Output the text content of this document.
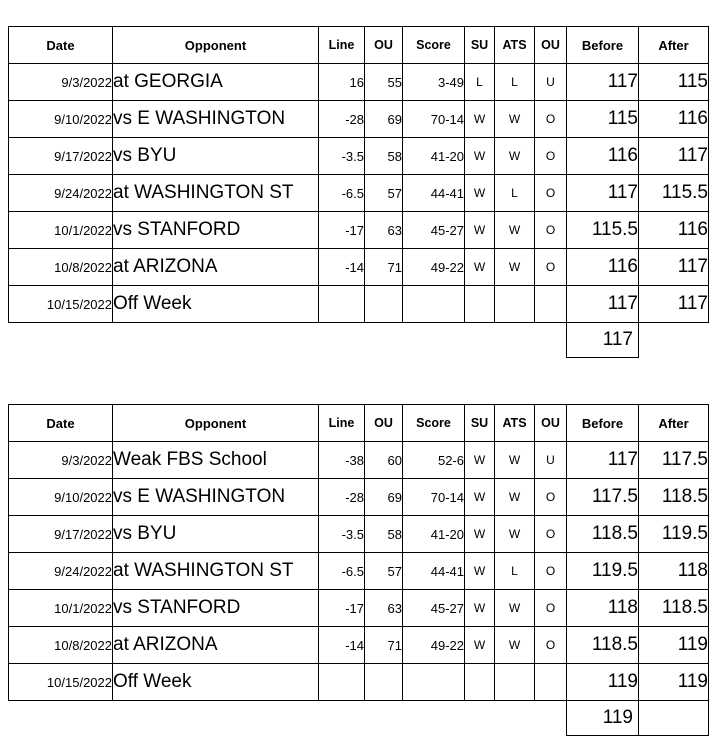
Date	Opponent	Line	OU	Score	SU	ATS	OU	Before	After
9/3/2022	at GEORGIA	16	55	3-49	L	L	U	117	115
9/10/2022	vs E WASHINGTON	-28	69	70-14	W	W	O	115	116
9/17/2022	vs BYU	-3.5	58	41-20	W	W	O	116	117
9/24/2022	at WASHINGTON ST	-6.5	57	44-41	W	L	O	117	115.5
10/1/2022	vs STANFORD	-17	63	45-27	W	W	O	115.5	116
10/8/2022	at ARIZONA	-14	71	49-22	W	W	O	116	117
10/15/2022	Off Week							117	117
								117	
Date	Opponent	Line	OU	Score	SU	ATS	OU	Before	After
9/3/2022	Weak FBS School	-38	60	52-6	W	W	U	117	117.5
9/10/2022	vs E WASHINGTON	-28	69	70-14	W	W	O	117.5	118.5
9/17/2022	vs BYU	-3.5	58	41-20	W	W	O	118.5	119.5
9/24/2022	at WASHINGTON ST	-6.5	57	44-41	W	L	O	119.5	118
10/1/2022	vs STANFORD	-17	63	45-27	W	W	O	118	118.5
10/8/2022	at ARIZONA	-14	71	49-22	W	W	O	118.5	119
10/15/2022	Off Week							119	119
								119	
